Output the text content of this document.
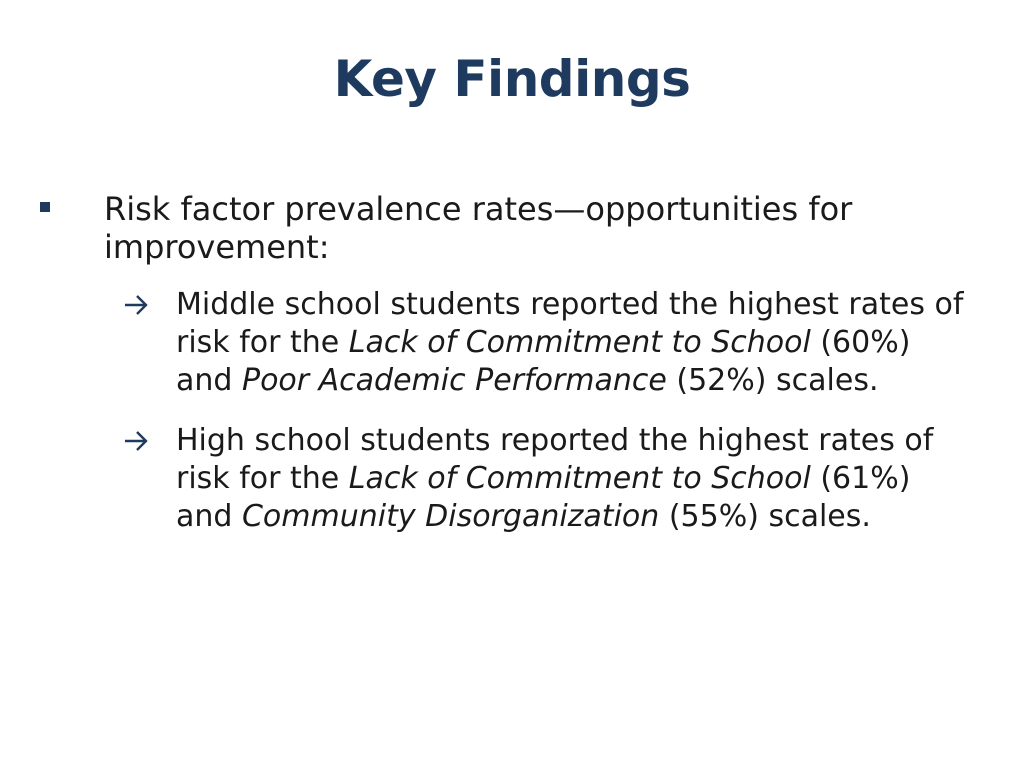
Key Findings
Risk factor prevalence rates—opportunities for improvement:
Middle school students reported the highest rates of risk for the Lack of Commitment to School (60%) and Poor Academic Performance (52%) scales.
High school students reported the highest rates of risk for the Lack of Commitment to School (61%) and Community Disorganization (55%) scales.
